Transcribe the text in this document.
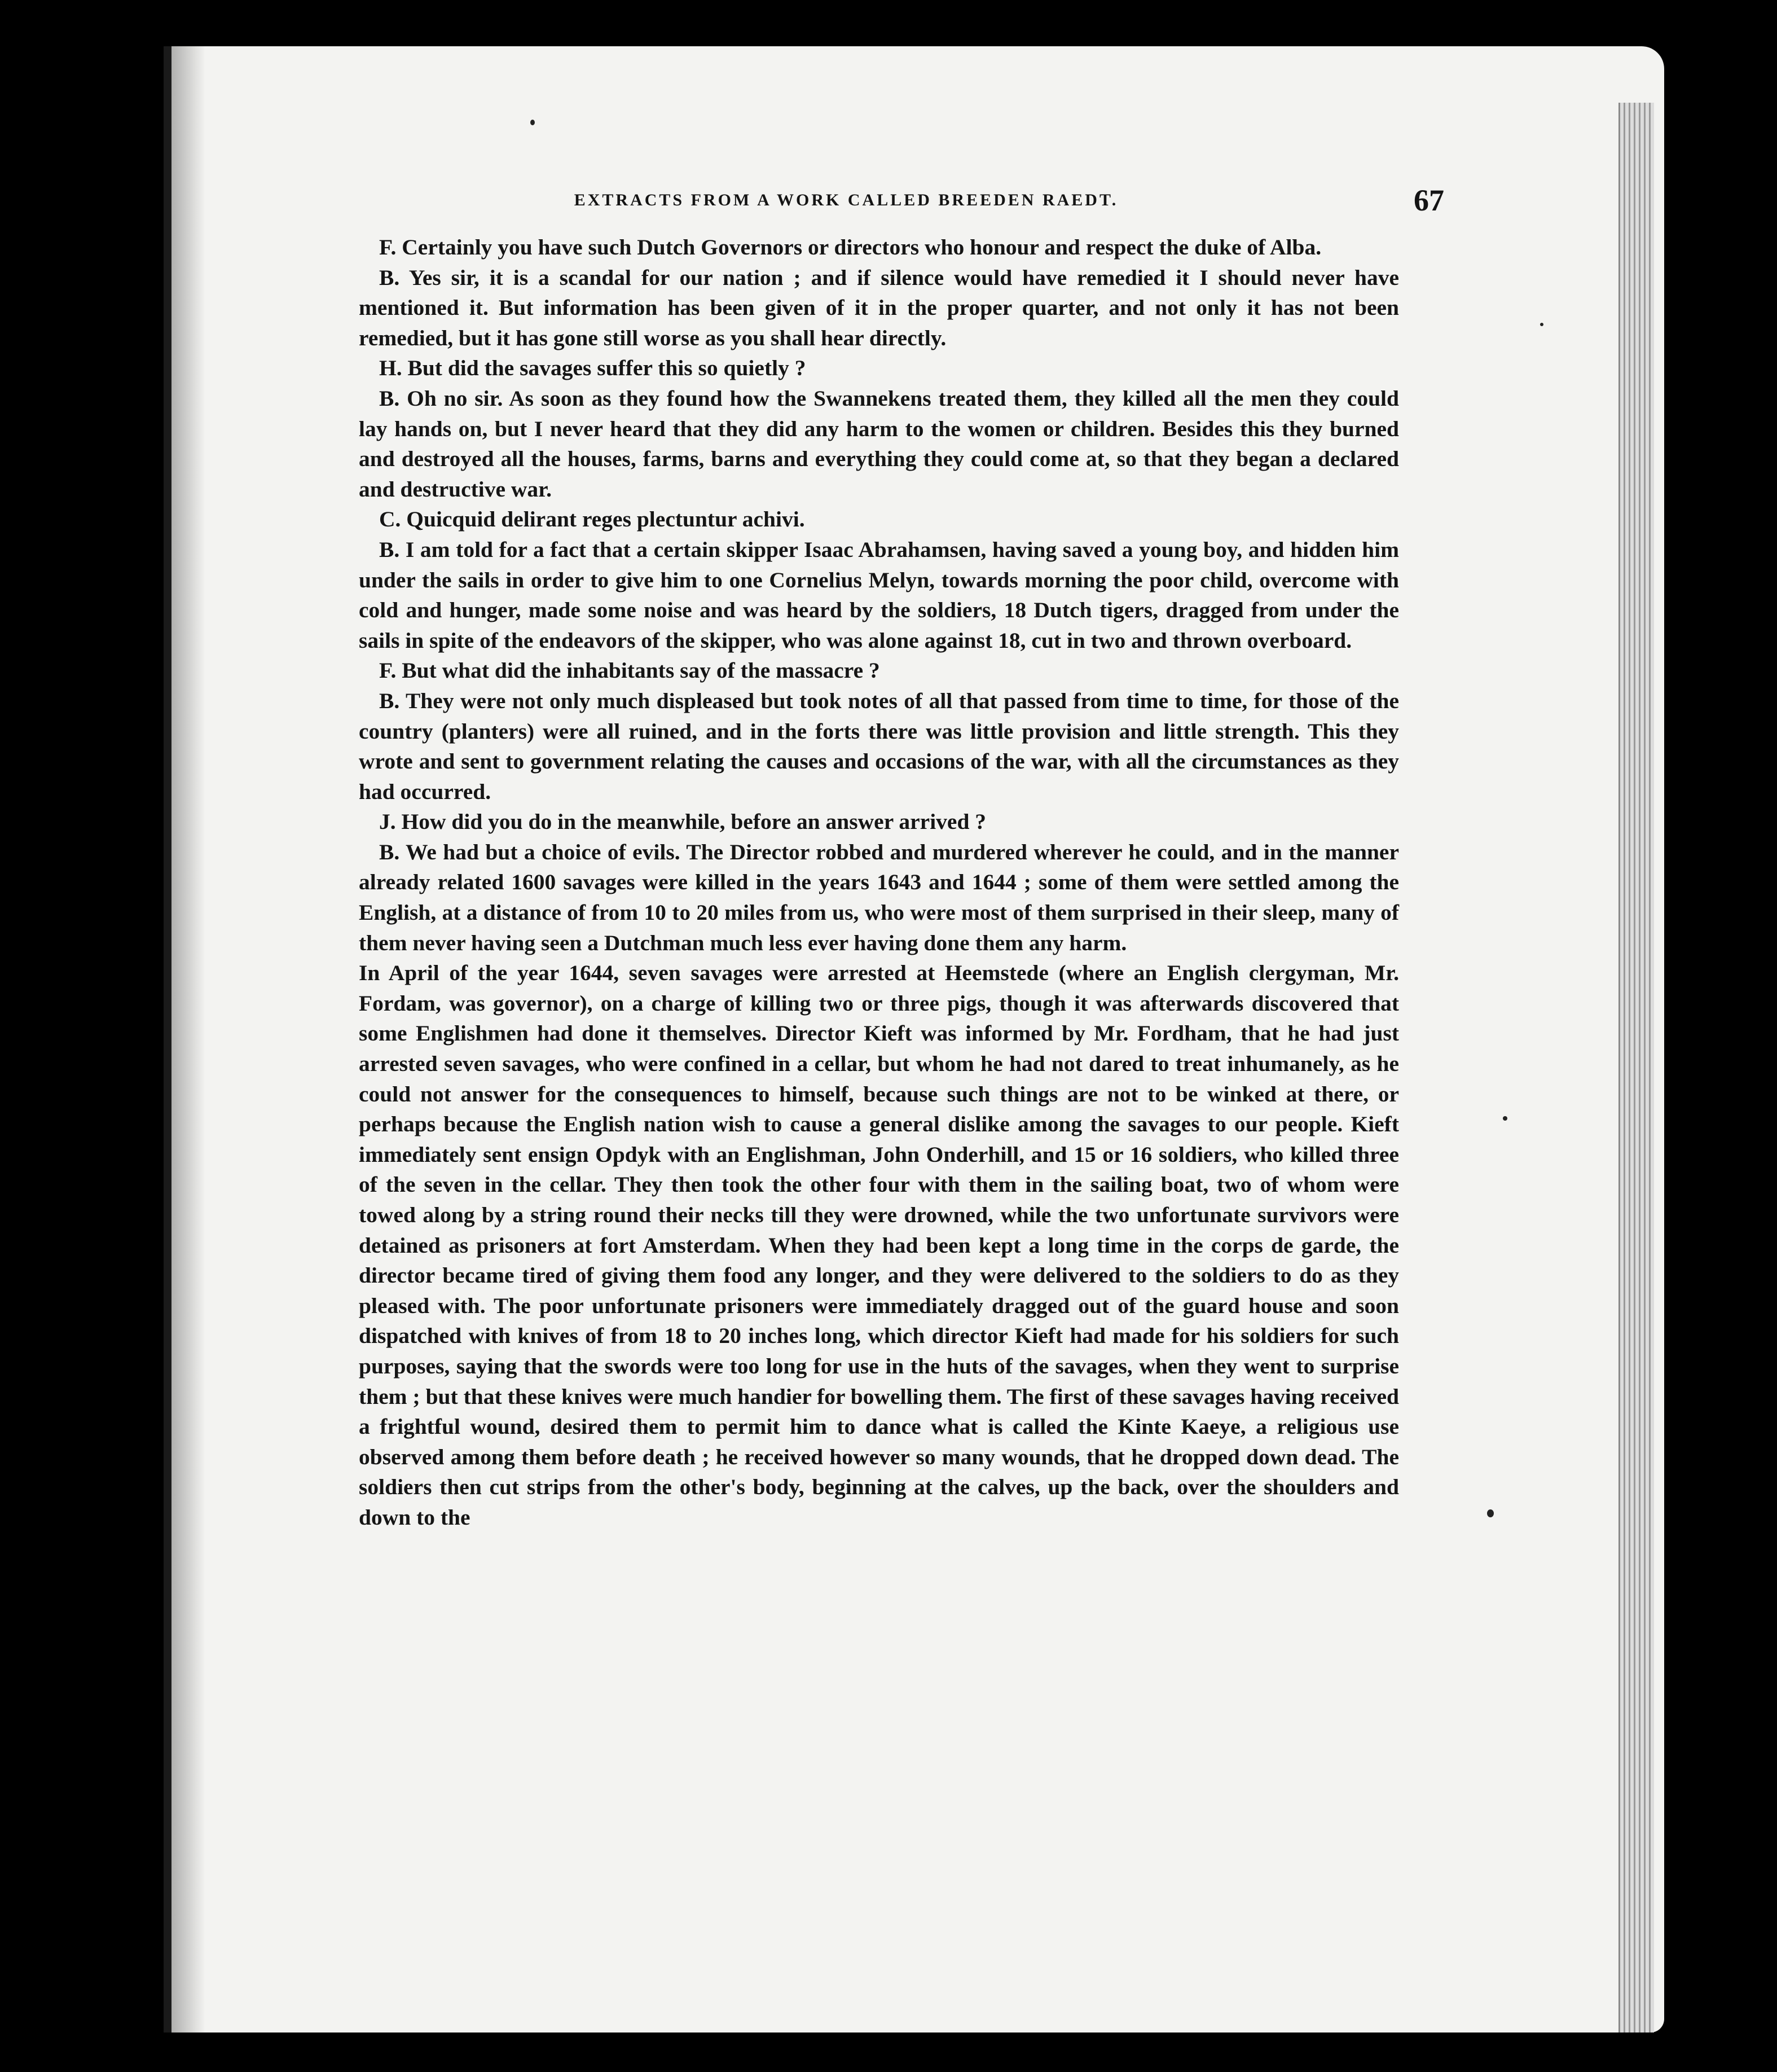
EXTRACTS FROM A WORK CALLED BREEDEN RAEDT.	67

F. Certainly you have such Dutch Governors or directors who honour and respect the duke of Alba.

B. Yes sir, it is a scandal for our nation ; and if silence would have remedied it I should never have mentioned it. But information has been given of it in the proper quarter, and not only it has not been remedied, but it has gone still worse as you shall hear directly.

H. But did the savages suffer this so quietly ?

B. Oh no sir. As soon as they found how the Swannekens treated them, they killed all the men they could lay hands on, but I never heard that they did any harm to the women or children. Besides this they burned and destroyed all the houses, farms, barns and everything they could come at, so that they began a declared and destructive war.

C. Quicquid delirant reges plectuntur achivi.

B. I am told for a fact that a certain skipper Isaac Abrahamsen, having saved a young boy, and hidden him under the sails in order to give him to one Cornelius Melyn, towards morning the poor child, overcome with cold and hunger, made some noise and was heard by the soldiers, 18 Dutch tigers, dragged from under the sails in spite of the endeavors of the skipper, who was alone against 18, cut in two and thrown overboard.

F. But what did the inhabitants say of the massacre ?

B. They were not only much displeased but took notes of all that passed from time to time, for those of the country (planters) were all ruined, and in the forts there was little provision and little strength. This they wrote and sent to government relating the causes and occasions of the war, with all the circumstances as they had occurred.

J. How did you do in the meanwhile, before an answer arrived ?

B. We had but a choice of evils. The Director robbed and murdered wherever he could, and in the manner already related 1600 savages were killed in the years 1643 and 1644 ; some of them were settled among the English, at a distance of from 10 to 20 miles from us, who were most of them surprised in their sleep, many of them never having seen a Dutchman much less ever having done them any harm.

In April of the year 1644, seven savages were arrested at Heemstede (where an English clergyman, Mr. Fordam, was governor), on a charge of killing two or three pigs, though it was afterwards discovered that some Englishmen had done it themselves. Director Kieft was informed by Mr. Fordham, that he had just arrested seven savages, who were confined in a cellar, but whom he had not dared to treat inhumanely, as he could not answer for the consequences to himself, because such things are not to be winked at there, or perhaps because the English nation wish to cause a general dislike among the savages to our people. Kieft immediately sent ensign Opdyk with an Englishman, John Onderhill, and 15 or 16 soldiers, who killed three of the seven in the cellar. They then took the other four with them in the sailing boat, two of whom were towed along by a string round their necks till they were drowned, while the two unfortunate survivors were detained as prisoners at fort Amsterdam. When they had been kept a long time in the corps de garde, the director became tired of giving them food any longer, and they were delivered to the soldiers to do as they pleased with. The poor unfortunate prisoners were immediately dragged out of the guard house and soon dispatched with knives of from 18 to 20 inches long, which director Kieft had made for his soldiers for such purposes, saying that the swords were too long for use in the huts of the savages, when they went to surprise them ; but that these knives were much handier for bowelling them. The first of these savages having received a frightful wound, desired them to permit him to dance what is called the Kinte Kaeye, a religious use observed among them before death ; he received however so many wounds, that he dropped down dead. The soldiers then cut strips from the other's body, beginning at the calves, up the back, over the shoulders and down to the
